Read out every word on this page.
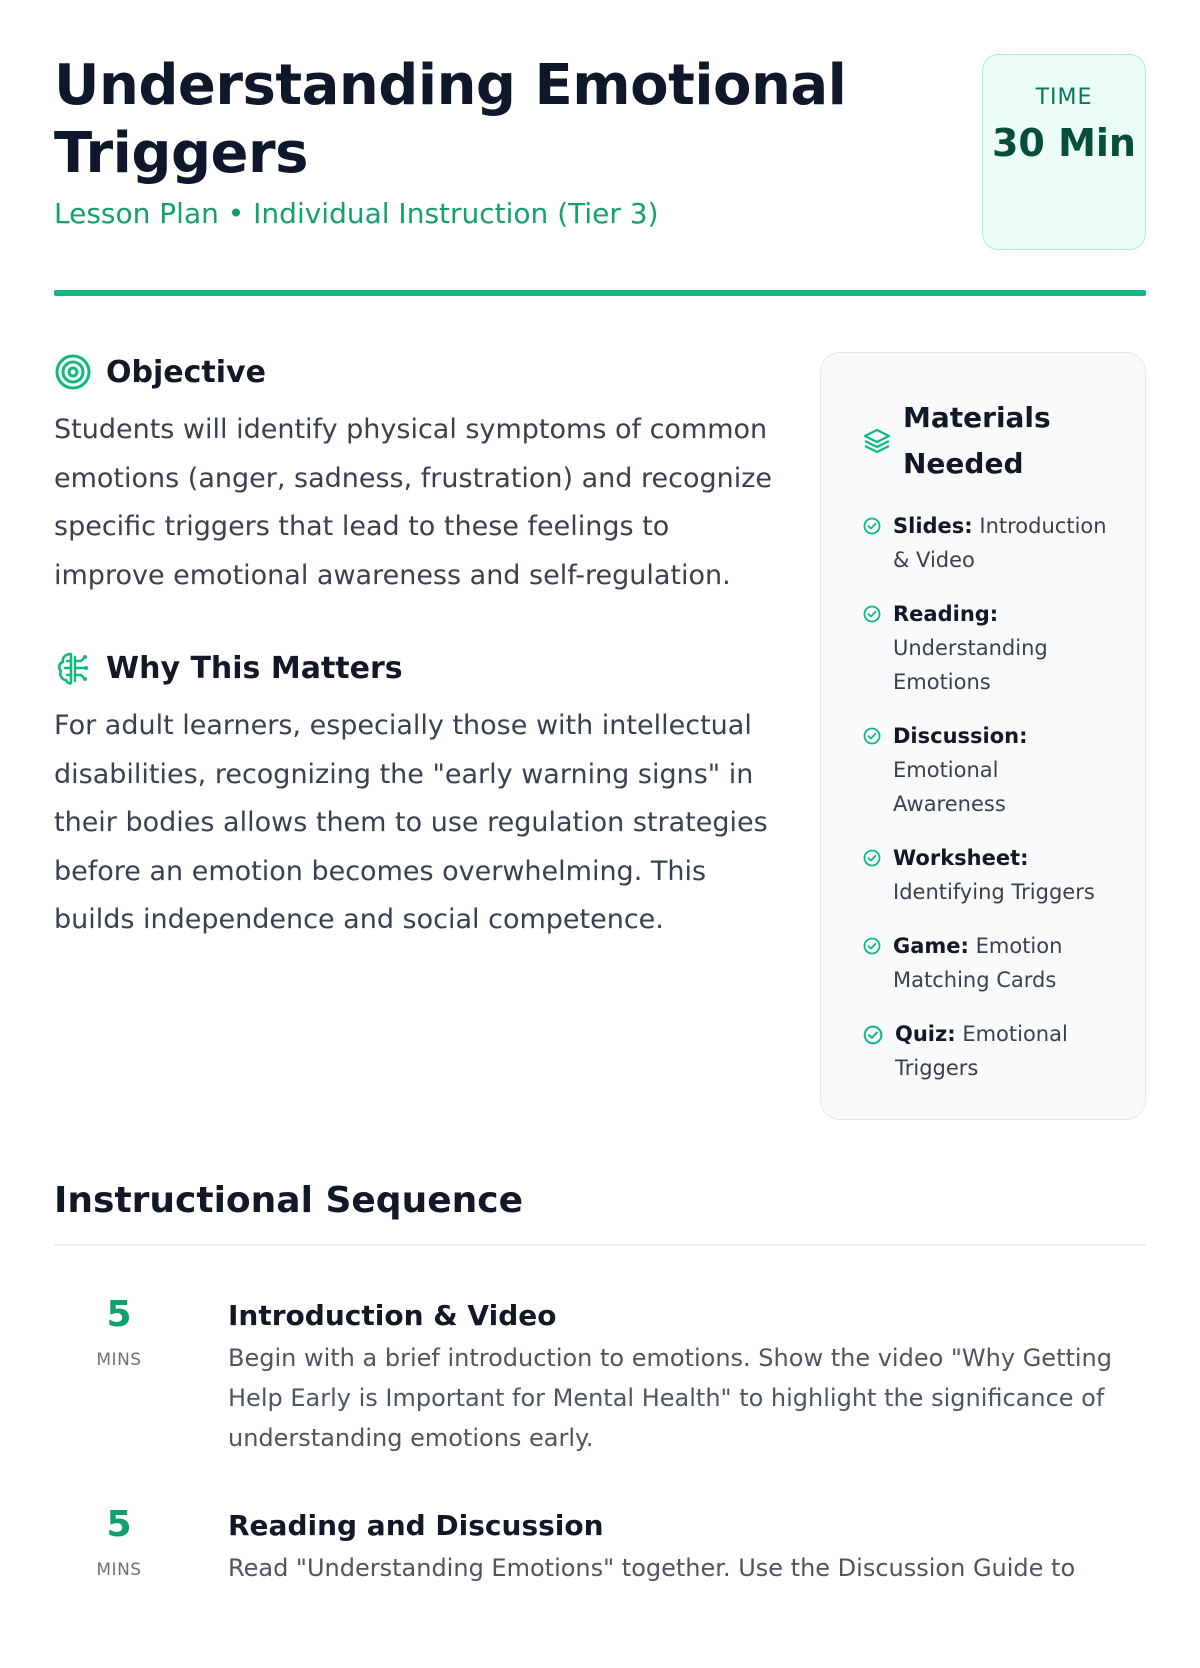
Understanding Emotional Triggers
Lesson Plan • Individual Instruction (Tier 3)
TIME
30 Min
Objective

Students will identify physical symptoms of common emotions (anger, sadness, frustration) and recognize specific triggers that lead to these feelings to improve emotional awareness and self-regulation.

Why This Matters

For adult learners, especially those with intellectual disabilities, recognizing the "early warning signs" in their bodies allows them to use regulation strategies before an emotion becomes overwhelming. This builds independence and social competence.

Materials Needed
Slides: Introduction & Video
Reading: Understanding Emotions
Discussion: Emotional Awareness
Worksheet: Identifying Triggers
Game: Emotion Matching Cards
Quiz: Emotional Triggers
Instructional Sequence
5
MINS
Introduction & Video

Begin with a brief introduction to emotions. Show the video "Why Getting Help Early is Important for Mental Health" to highlight the significance of understanding emotions early.

5
MINS
Reading and Discussion

Read "Understanding Emotions" together. Use the Discussion Guide to
